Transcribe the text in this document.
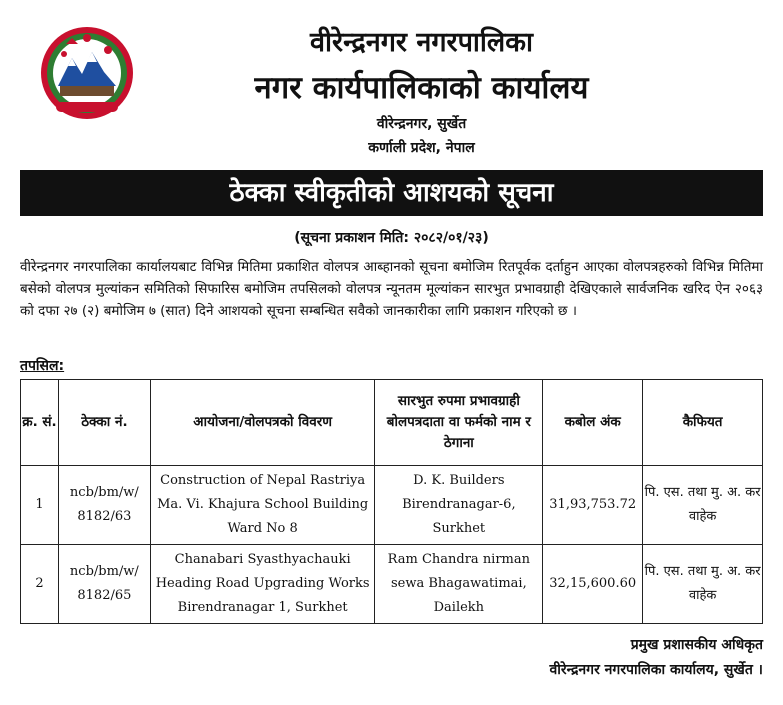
वीरेन्द्रनगर नगरपालिका
नगर कार्यपालिकाको कार्यालय
वीरेन्द्रनगर, सुर्खेत
कर्णाली प्रदेश, नेपाल
ठेक्का स्वीकृतीको आशयको सूचना
(सूचना प्रकाशन मिति: २०८२/०१/२३)

वीरेन्द्रनगर नगरपालिका कार्यालयबाट विभिन्न मितिमा प्रकाशित वोलपत्र आब्हानको सूचना बमोजिम रितपूर्वक दर्ताहुन आएका वोलपत्रहरुको विभिन्न मितिमा बसेको वोलपत्र मुल्यांकन समितिको सिफारिस बमोजिम तपसिलको वोलपत्र न्यूनतम मूल्यांकन सारभुत प्रभावग्राही देखिएकाले सार्वजनिक खरिद ऐन २०६३ को दफा २७ (२) बमोजिम ७ (सात) दिने आशयको सूचना सम्बन्धित सवैको जानकारीका लागि प्रकाशन गरिएको छ ।

तपसिल:
क्र. सं.	ठेक्का नं.	आयोजना/वोलपत्रको विवरण	सारभुत रुपमा प्रभावग्राही बोलपत्रदाता वा फर्मको नाम र ठेगाना	कबोल अंक	कैफियत
1	ncb/bm/w/ 8182/63	Construction of Nepal Rastriya Ma. Vi. Khajura School Building Ward No 8	D. K. Builders Birendranagar-6, Surkhet	31,93,753.72	पि. एस. तथा मु. अ. कर वाहेक
2	ncb/bm/w/ 8182/65	Chanabari Syasthyachauki Heading Road Upgrading Works Birendranagar 1, Surkhet	Ram Chandra nirman sewa Bhagawatimai, Dailekh	32,15,600.60	पि. एस. तथा मु. अ. कर वाहेक
प्रमुख प्रशासकीय अधिकृत
वीरेन्द्रनगर नगरपालिका कार्यालय, सुर्खेत ।
